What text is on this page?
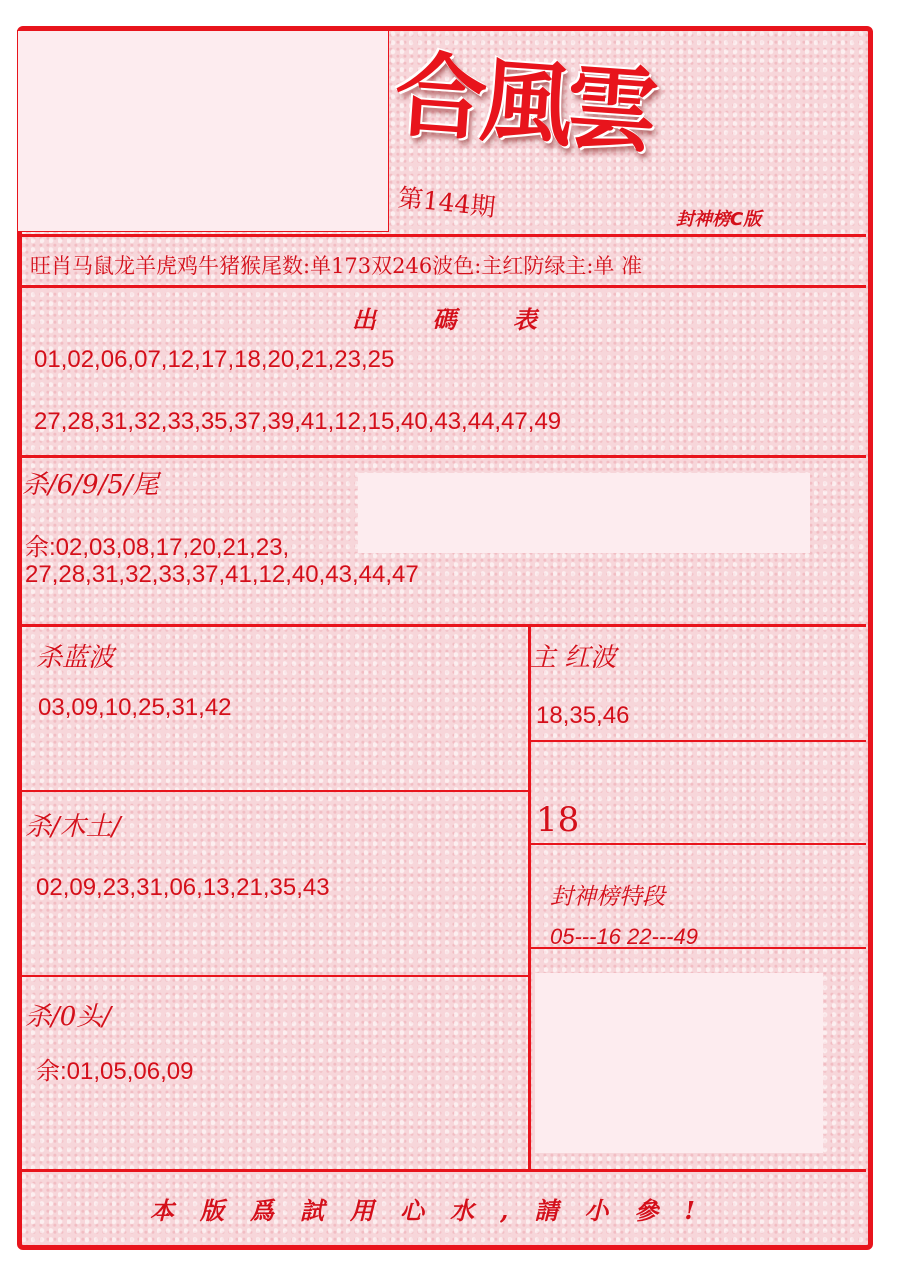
合風雲
第144期	封神榜C版
旺肖马鼠龙羊虎鸡牛猪猴尾数:单173双246波色:主红防绿主:单 准
出 碼 表
01,02,06,07,12,17,18,20,21,23,25
27,28,31,32,33,35,37,39,41,12,15,40,43,44,47,49
杀/6/9/5/尾
余:02,03,08,17,20,21,23,
27,28,31,32,33,37,41,12,40,43,44,47
杀蓝波
03,09,10,25,31,42
主 红波
18,35,46
杀/木土/
02,09,23,31,06,13,21,35,43
18
封神榜特段
05---16 22---49
杀/0头/
余:01,05,06,09
本版爲試用心水,請小參!
